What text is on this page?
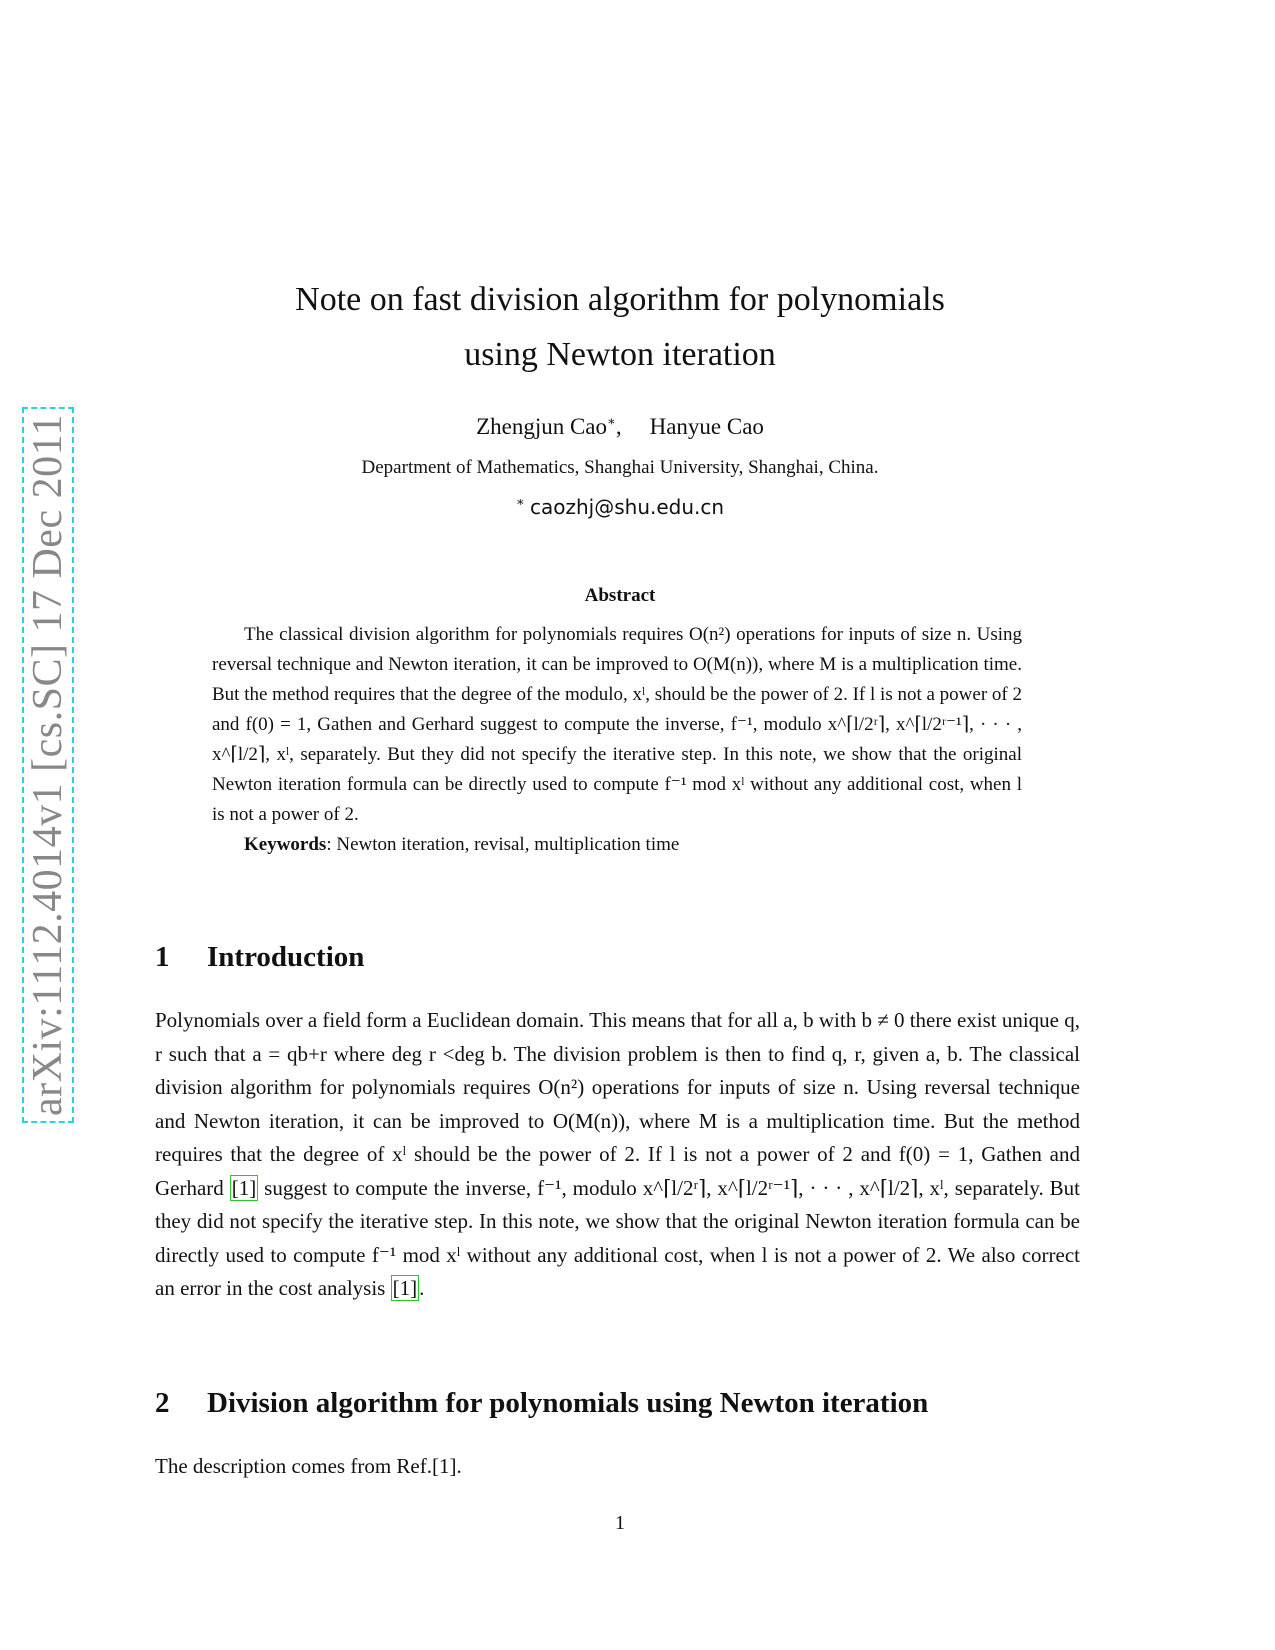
arXiv:1112.4014v1 [cs.SC] 17 Dec 2011
Note on fast division algorithm for polynomials
using Newton iteration
Zhengjun Cao∗, Hanyue Cao
Department of Mathematics, Shanghai University, Shanghai, China.
∗ caozhj@shu.edu.cn
Abstract

The classical division algorithm for polynomials requires O(n²) operations for inputs of size n. Using reversal technique and Newton iteration, it can be improved to O(M(n)), where M is a multiplication time. But the method requires that the degree of the modulo, xˡ, should be the power of 2. If l is not a power of 2 and f(0) = 1, Gathen and Gerhard suggest to compute the inverse, f⁻¹, modulo x^⌈l/2ʳ⌉, x^⌈l/2ʳ⁻¹⌉, · · · , x^⌈l/2⌉, xˡ, separately. But they did not specify the iterative step. In this note, we show that the original Newton iteration formula can be directly used to compute f⁻¹ mod xˡ without any additional cost, when l is not a power of 2.

Keywords: Newton iteration, revisal, multiplication time

1 Introduction
Polynomials over a field form a Euclidean domain. This means that for all a, b with b ≠ 0 there exist unique q, r such that a = qb+r where deg r <deg b. The division problem is then to find q, r, given a, b. The classical division algorithm for polynomials requires O(n²) operations for inputs of size n. Using reversal technique and Newton iteration, it can be improved to O(M(n)), where M is a multiplication time. But the method requires that the degree of xˡ should be the power of 2. If l is not a power of 2 and f(0) = 1, Gathen and Gerhard [1] suggest to compute the inverse, f⁻¹, modulo x^⌈l/2ʳ⌉, x^⌈l/2ʳ⁻¹⌉, · · · , x^⌈l/2⌉, xˡ, separately. But they did not specify the iterative step. In this note, we show that the original Newton iteration formula can be directly used to compute f⁻¹ mod xˡ without any additional cost, when l is not a power of 2. We also correct an error in the cost analysis [1].
2 Division algorithm for polynomials using Newton iteration
The description comes from Ref.[1].
1
